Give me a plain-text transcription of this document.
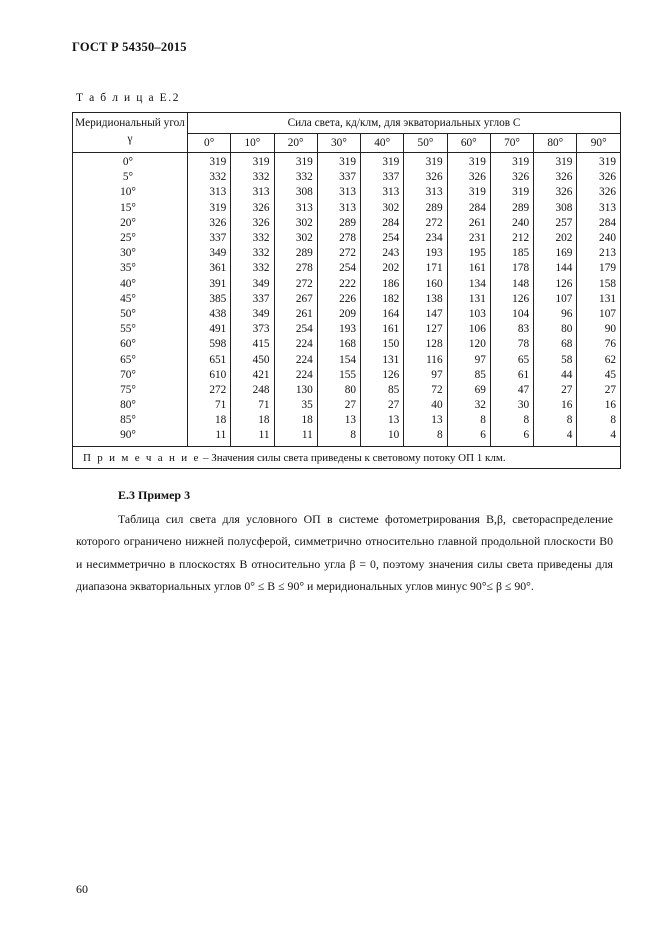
ГОСТ Р 54350–2015
Т а б л и ц а Е.2
Меридиональный угол γ	Сила света, кд/клм, для экваториальных углов C									
	0°	10°	20°	30°	40°	50°	60°	70°	80°	90°
0°	319	319	319	319	319	319	319	319	319	319
5°	332	332	332	337	337	326	326	326	326	326
10°	313	313	308	313	313	313	319	319	326	326
15°	319	326	313	313	302	289	284	289	308	313
20°	326	326	302	289	284	272	261	240	257	284
25°	337	332	302	278	254	234	231	212	202	240
30°	349	332	289	272	243	193	195	185	169	213
35°	361	332	278	254	202	171	161	178	144	179
40°	391	349	272	222	186	160	134	148	126	158
45°	385	337	267	226	182	138	131	126	107	131
50°	438	349	261	209	164	147	103	104	96	107
55°	491	373	254	193	161	127	106	83	80	90
60°	598	415	224	168	150	128	120	78	68	76
65°	651	450	224	154	131	116	97	65	58	62
70°	610	421	224	155	126	97	85	61	44	45
75°	272	248	130	80	85	72	69	47	27	27
80°	71	71	35	27	27	40	32	30	16	16
85°	18	18	18	13	13	13	8	8	8	8
90°	11	11	11	8	10	8	6	6	4	4
П р и м е ч а н и е – Значения силы света приведены к световому потоку ОП 1 клм.										
Е.3 Пример 3
Таблица сил света для условного ОП в системе фотометрирования B,β, светораспределение которого ограничено нижней полусферой, симметрично относительно главной продольной плоскости B0 и несимметрично в плоскостях B относительно угла β = 0, поэтому значения силы света приведены для диапазона экваториальных углов 0° ≤ B ≤ 90° и меридиональных углов минус 90°≤ β ≤ 90°.
60
